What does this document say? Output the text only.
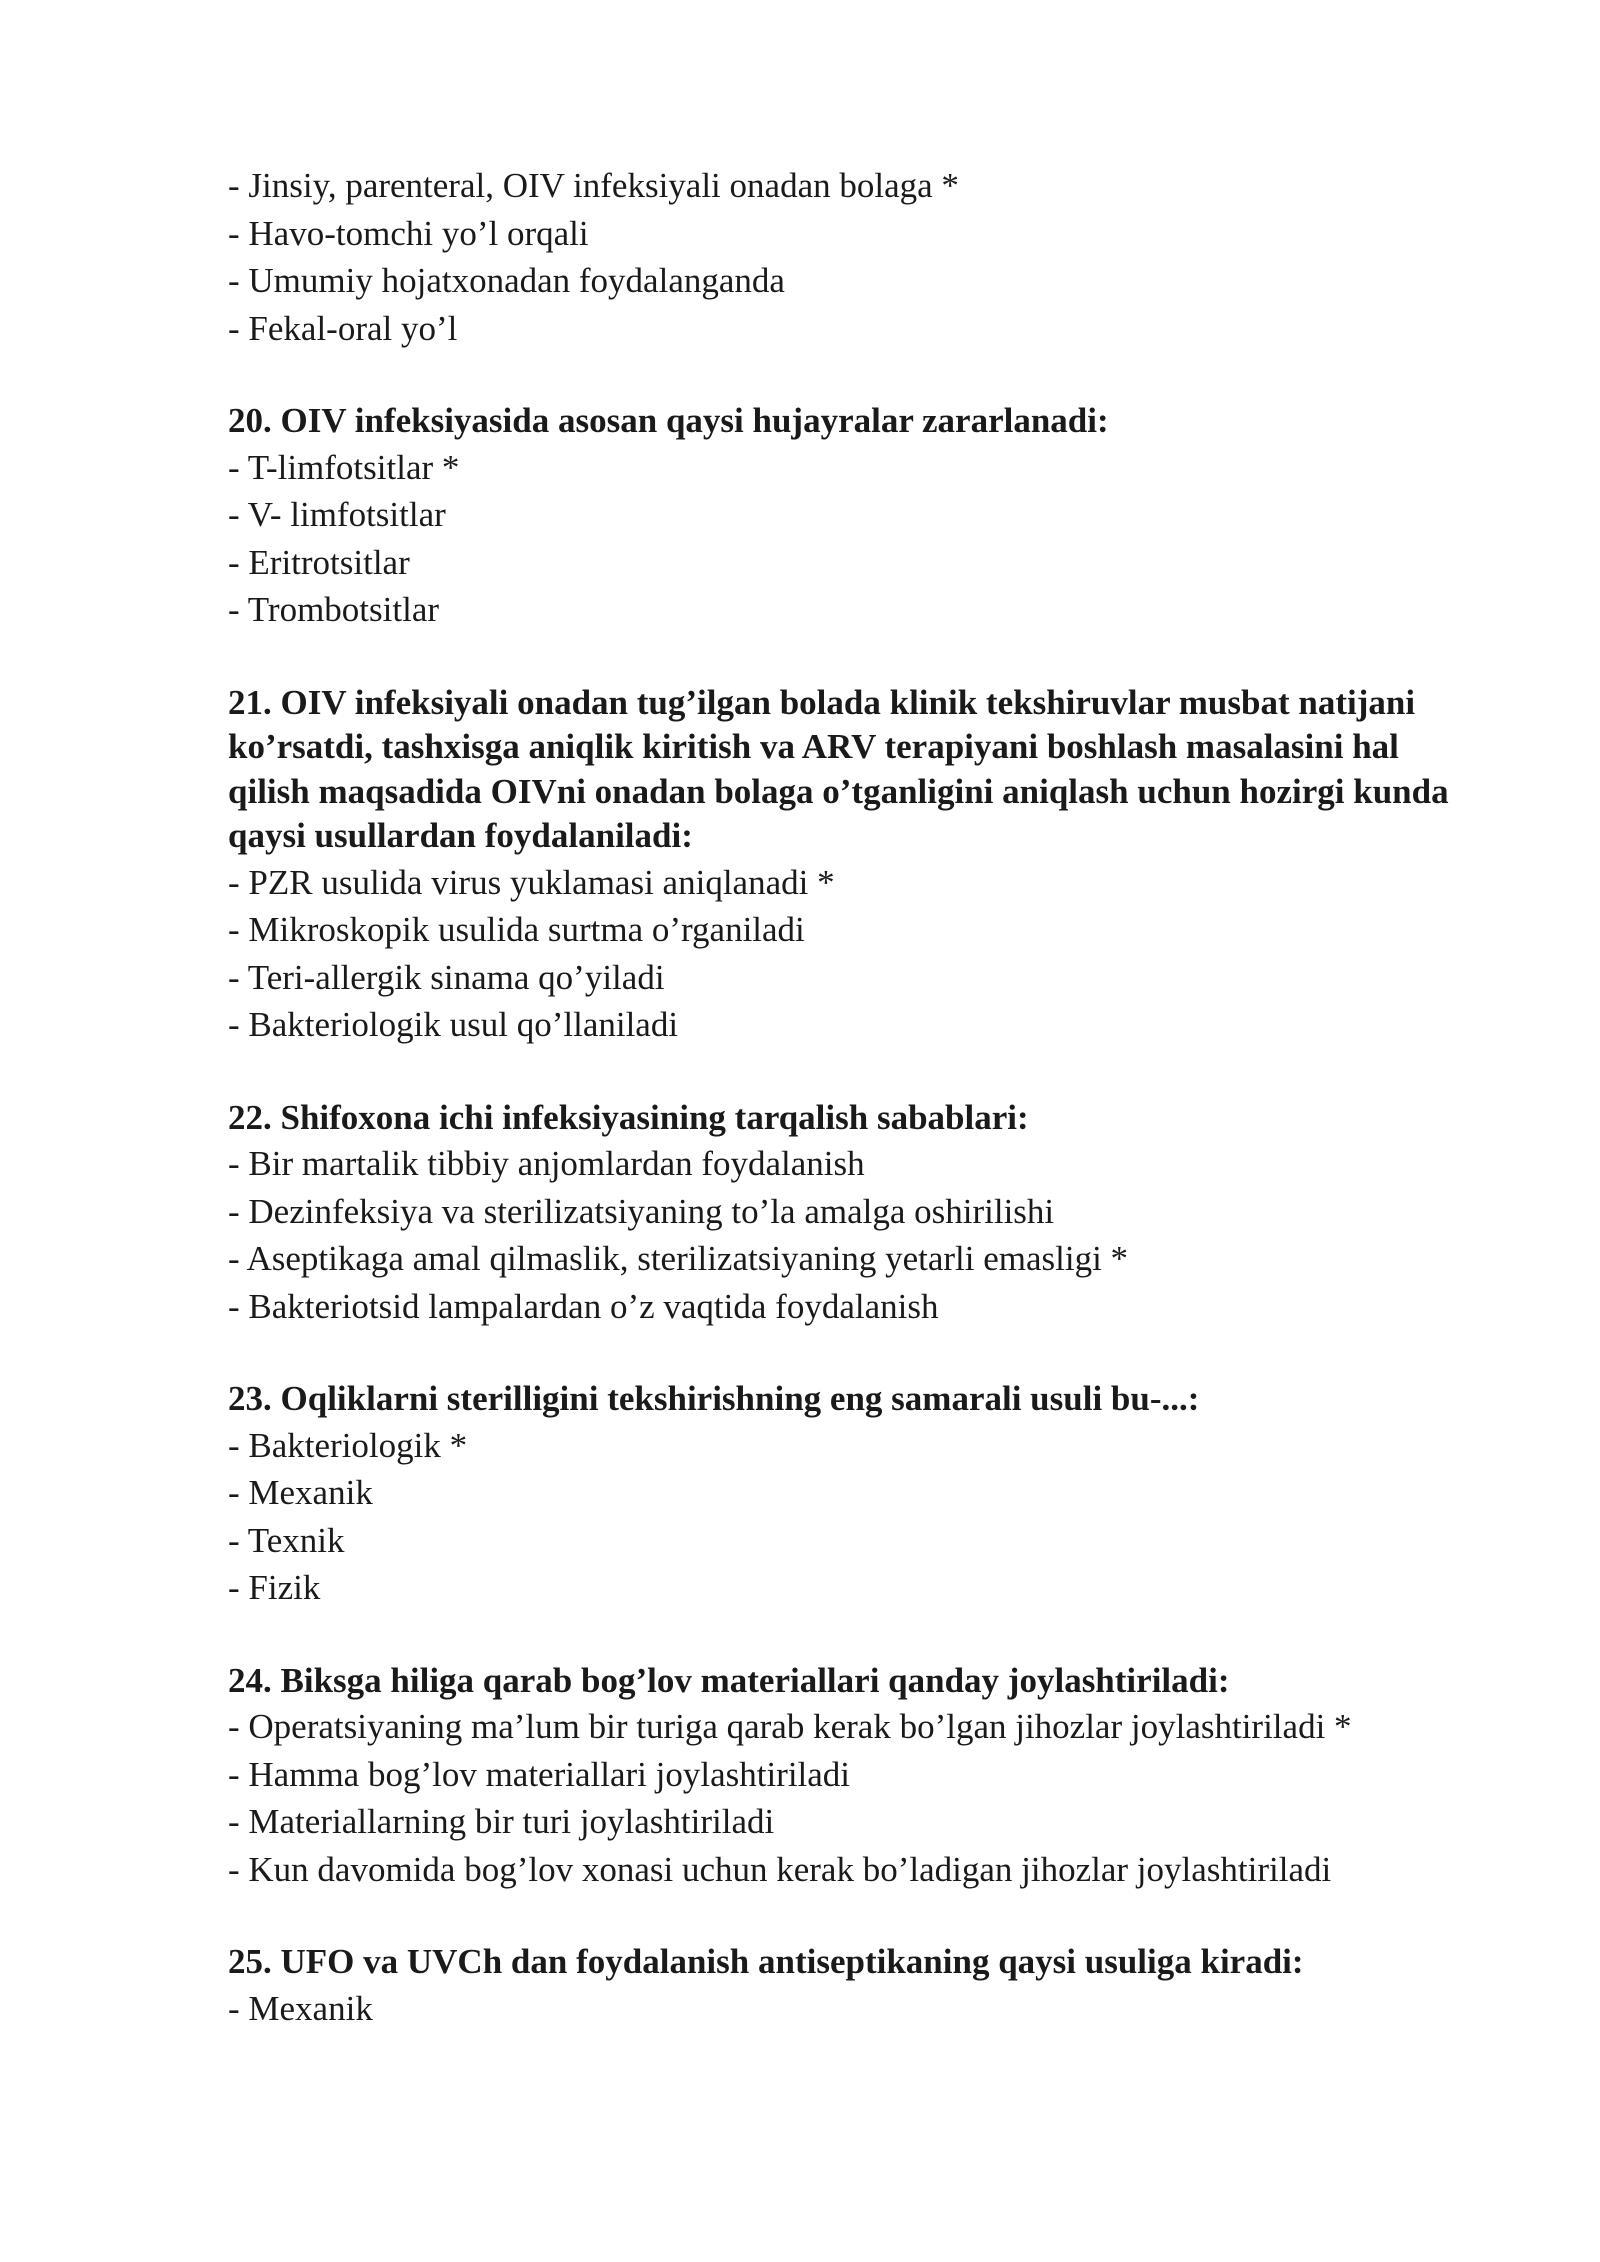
- Jinsiy, parenteral, OIV infeksiyali onadan bolaga *
- Havo-tomchi yo’l orqali
- Umumiy hojatxonadan foydalanganda
- Fekal-oral yo’l
20. OIV infeksiyasida asosan qaysi hujayralar zararlanadi:
- T-limfotsitlar *
- V- limfotsitlar
- Eritrotsitlar
- Trombotsitlar
21. OIV infeksiyali onadan tug’ilgan bolada klinik tekshiruvlar musbat natijani ko’rsatdi, tashxisga aniqlik kiritish va ARV terapiyani boshlash masalasini hal qilish maqsadida OIVni onadan bolaga o’tganligini aniqlash uchun hozirgi kunda qaysi usullardan foydalaniladi:
- PZR usulida virus yuklamasi aniqlanadi *
- Mikroskopik usulida surtma o’rganiladi
- Teri-allergik sinama qo’yiladi
- Bakteriologik usul qo’llaniladi
22. Shifoxona ichi infeksiyasining tarqalish sabablari:
- Bir martalik tibbiy anjomlardan foydalanish
- Dezinfeksiya va sterilizatsiyaning to’la amalga oshirilishi
- Aseptikaga amal qilmaslik, sterilizatsiyaning yetarli emasligi *
- Bakteriotsid lampalardan o’z vaqtida foydalanish
23. Oqliklarni sterilligini tekshirishning eng samarali usuli bu-...:
- Bakteriologik *
- Mexanik
- Texnik
- Fizik
24. Biksga hiliga qarab bog’lov materiallari qanday joylashtiriladi:
- Operatsiyaning ma’lum bir turiga qarab kerak bo’lgan jihozlar joylashtiriladi *
- Hamma bog’lov materiallari joylashtiriladi
- Materiallarning bir turi joylashtiriladi
- Kun davomida bog’lov xonasi uchun kerak bo’ladigan jihozlar joylashtiriladi
25. UFO va UVCh dan foydalanish antiseptikaning qaysi usuliga kiradi:
- Mexanik
